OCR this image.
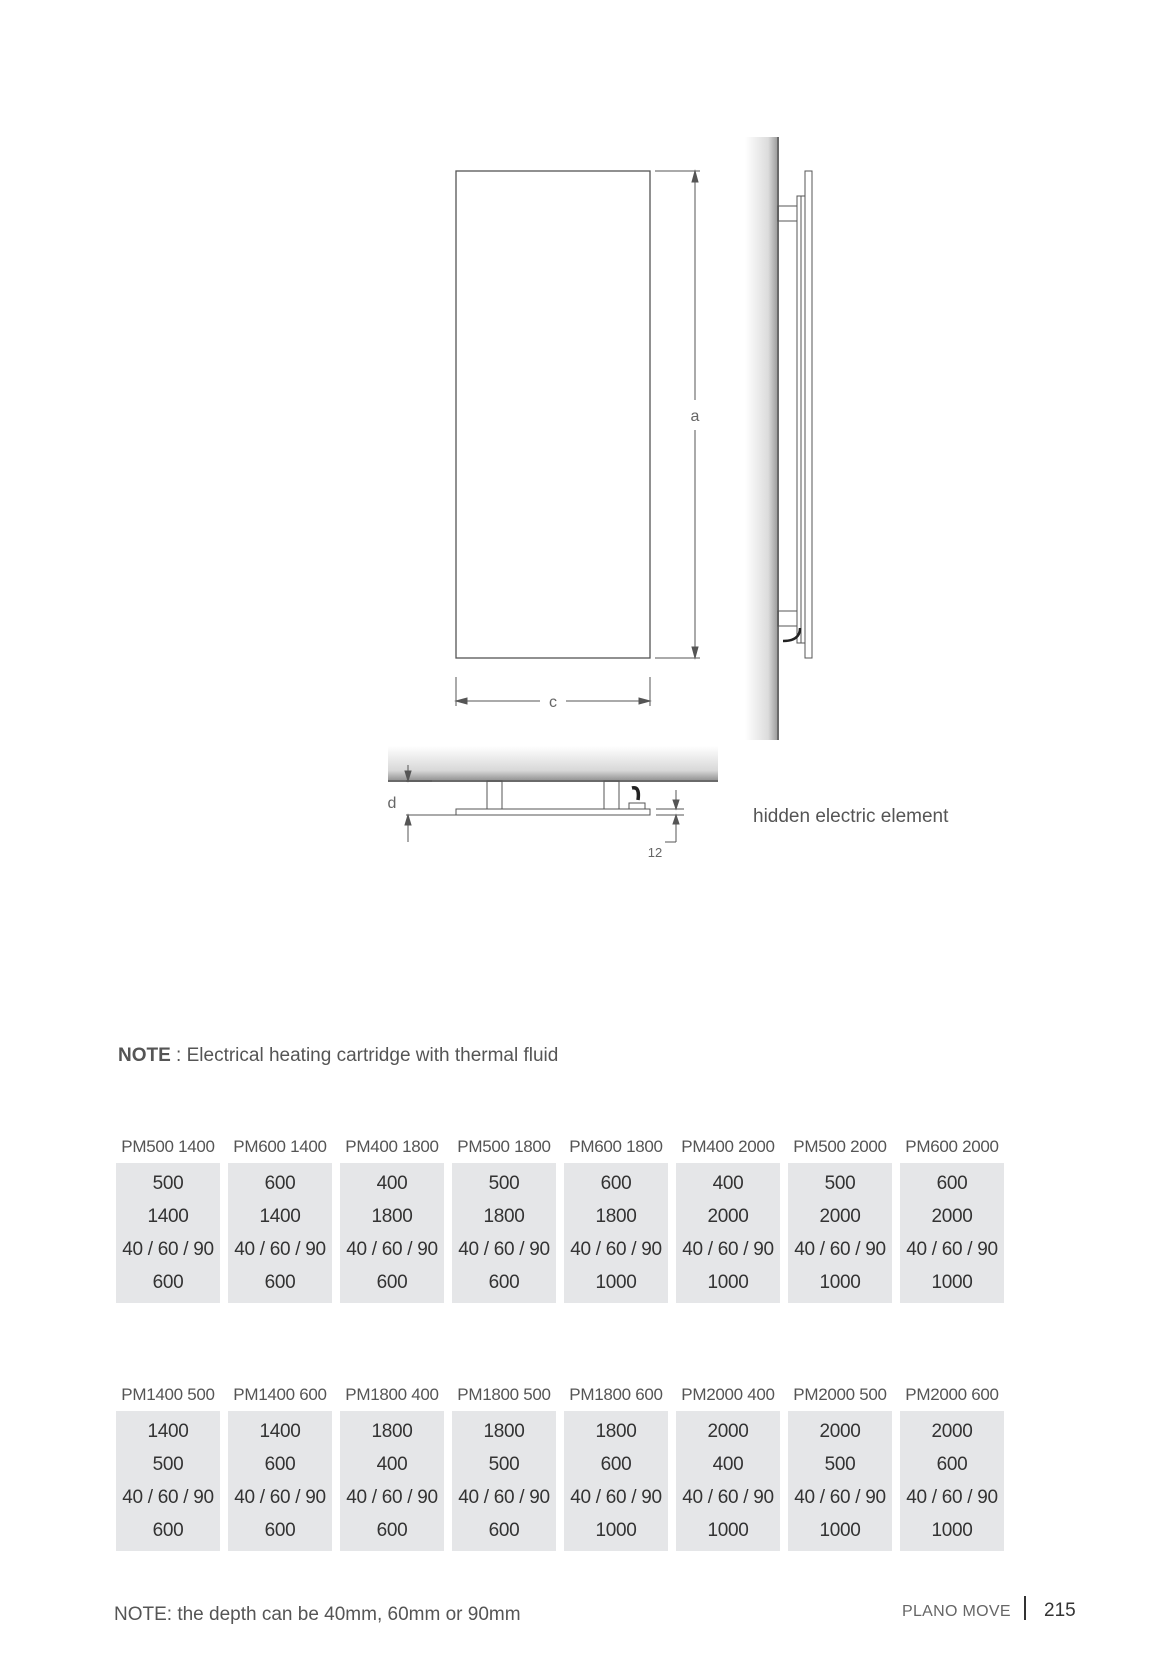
a
c
d
12
hidden electric element
NOTE : Electrical heating cartridge with thermal fluid
PM500 1400
500
1400
40 / 60 / 90
600
PM600 1400
600
1400
40 / 60 / 90
600
PM400 1800
400
1800
40 / 60 / 90
600
PM500 1800
500
1800
40 / 60 / 90
600
PM600 1800
600
1800
40 / 60 / 90
1000
PM400 2000
400
2000
40 / 60 / 90
1000
PM500 2000
500
2000
40 / 60 / 90
1000
PM600 2000
600
2000
40 / 60 / 90
1000
PM1400 500
1400
500
40 / 60 / 90
600
PM1400 600
1400
600
40 / 60 / 90
600
PM1800 400
1800
400
40 / 60 / 90
600
PM1800 500
1800
500
40 / 60 / 90
600
PM1800 600
1800
600
40 / 60 / 90
1000
PM2000 400
2000
400
40 / 60 / 90
1000
PM2000 500
2000
500
40 / 60 / 90
1000
PM2000 600
2000
600
40 / 60 / 90
1000
NOTE: the depth can be 40mm, 60mm or 90mm	PLANO MOVE 215
